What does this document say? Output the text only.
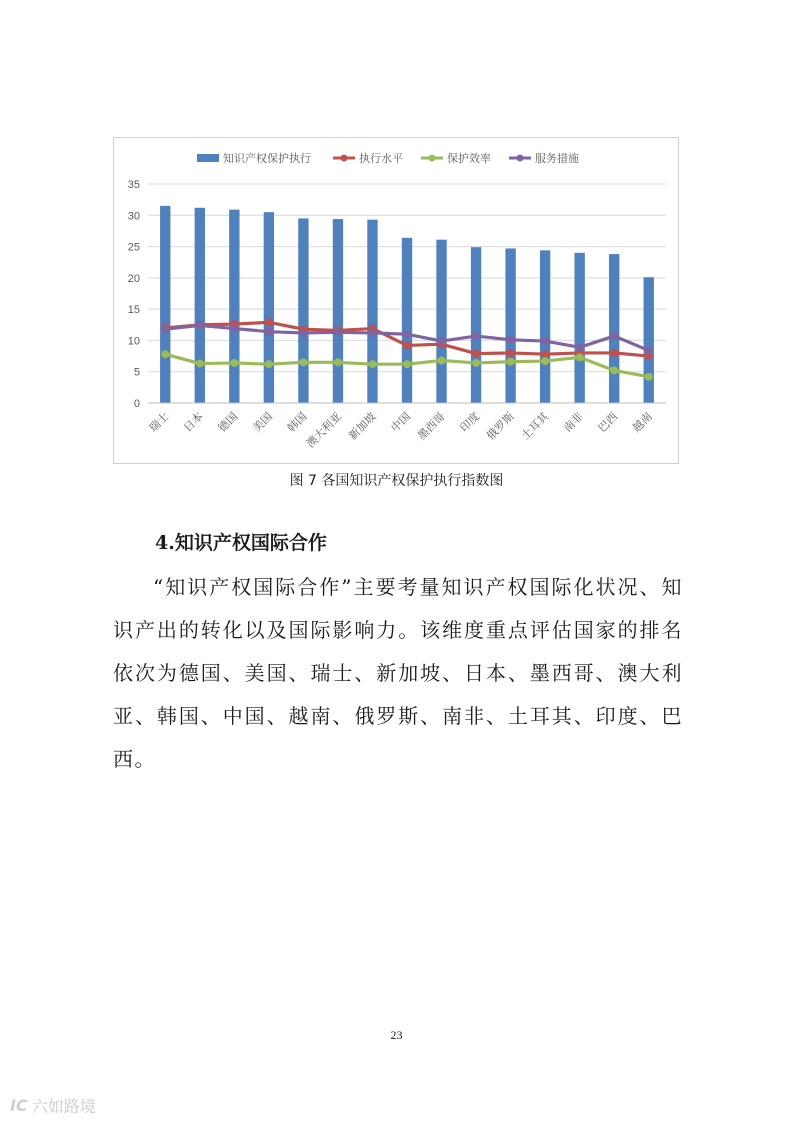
0
5
10
15
20
25
30
35
瑞士 日本 德国 美国 韩国
澳大利亚 新加坡 中国 墨西哥 印度 俄罗斯 土耳其 南非 巴西 越南
知识产权保护执行	执行水平	保护效率	服务措施
图 7 各国知识产权保护执行指数图
4.知识产权国际合作

“知识产权国际合作”主要考量知识产权国际化状况、知识产出的转化以及国际影响力。该维度重点评估国家的排名依次为德国、美国、瑞士、新加坡、日本、墨西哥、澳大利亚、韩国、中国、越南、俄罗斯、南非、土耳其、印度、巴西。

23
IC 六如路境
